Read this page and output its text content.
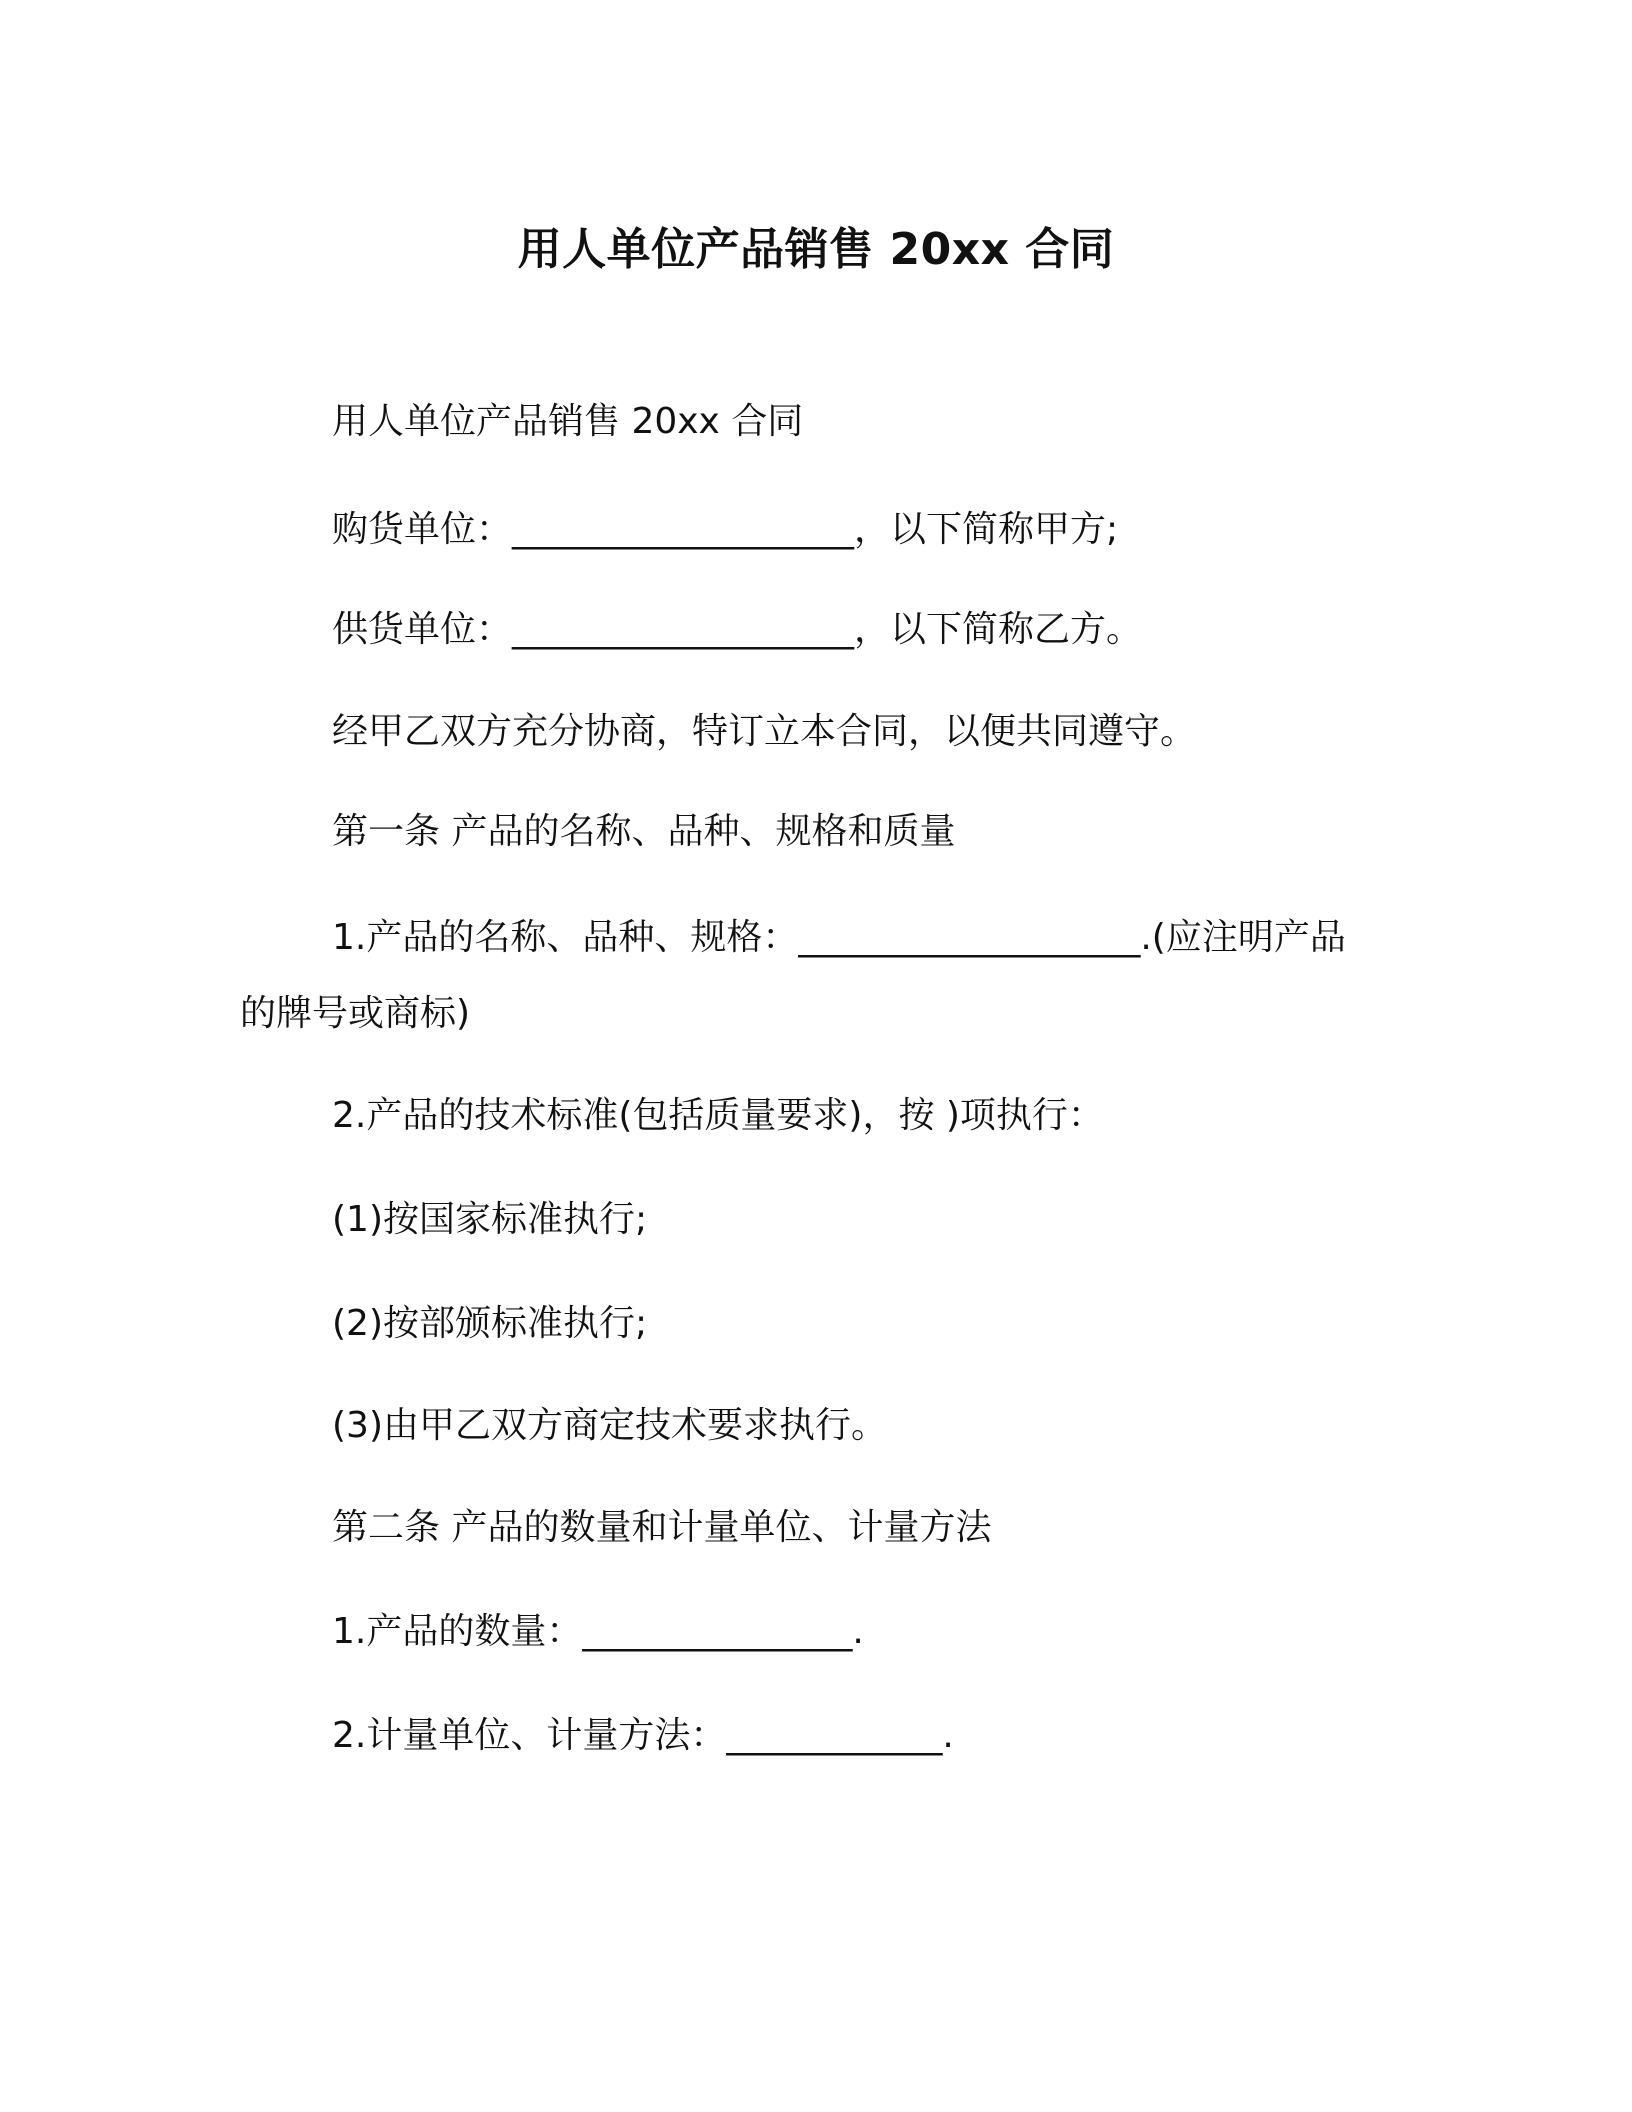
用人单位产品销售 20xx 合同
用人单位产品销售 20xx 合同
购货单位：___________________，以下简称甲方;
供货单位：___________________，以下简称乙方。
经甲乙双方充分协商，特订立本合同，以便共同遵守。
第一条 产品的名称、品种、规格和质量
1.产品的名称、品种、规格：___________________.(应注明产品的牌号或商标)
2.产品的技术标准(包括质量要求)，按 )项执行：
(1)按国家标准执行;
(2)按部颁标准执行;
(3)由甲乙双方商定技术要求执行。
第二条 产品的数量和计量单位、计量方法
1.产品的数量：_______________.
2.计量单位、计量方法：____________.
